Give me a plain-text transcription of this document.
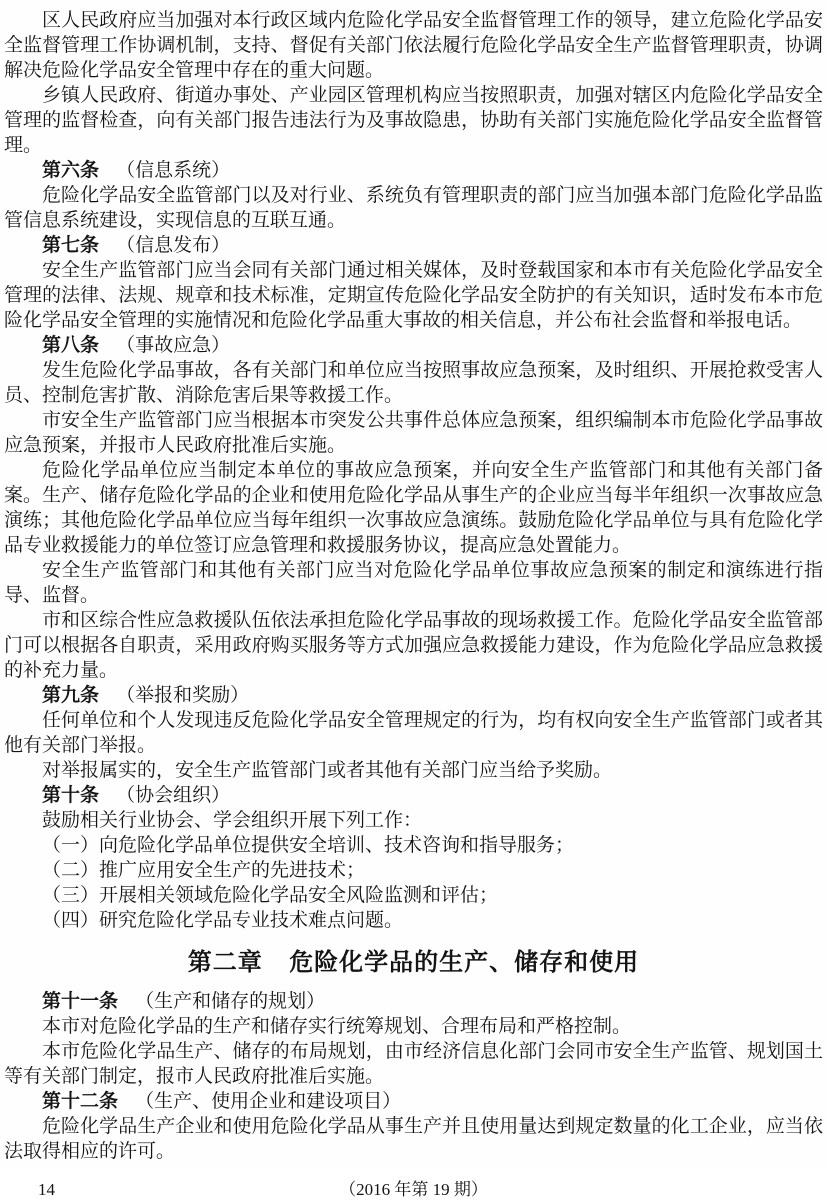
区人民政府应当加强对本行政区域内危险化学品安全监督管理工作的领导，建立危险化学品安全监督管理工作协调机制，支持、督促有关部门依法履行危险化学品安全生产监督管理职责，协调解决危险化学品安全管理中存在的重大问题。

乡镇人民政府、街道办事处、产业园区管理机构应当按照职责，加强对辖区内危险化学品安全管理的监督检查，向有关部门报告违法行为及事故隐患，协助有关部门实施危险化学品安全监督管理。

第六条 （信息系统）

危险化学品安全监管部门以及对行业、系统负有管理职责的部门应当加强本部门危险化学品监管信息系统建设，实现信息的互联互通。

第七条 （信息发布）

安全生产监管部门应当会同有关部门通过相关媒体，及时登载国家和本市有关危险化学品安全管理的法律、法规、规章和技术标准，定期宣传危险化学品安全防护的有关知识，适时发布本市危险化学品安全管理的实施情况和危险化学品重大事故的相关信息，并公布社会监督和举报电话。

第八条 （事故应急）

发生危险化学品事故，各有关部门和单位应当按照事故应急预案，及时组织、开展抢救受害人员、控制危害扩散、消除危害后果等救援工作。

市安全生产监管部门应当根据本市突发公共事件总体应急预案，组织编制本市危险化学品事故应急预案，并报市人民政府批准后实施。

危险化学品单位应当制定本单位的事故应急预案，并向安全生产监管部门和其他有关部门备案。生产、储存危险化学品的企业和使用危险化学品从事生产的企业应当每半年组织一次事故应急演练；其他危险化学品单位应当每年组织一次事故应急演练。鼓励危险化学品单位与具有危险化学品专业救援能力的单位签订应急管理和救援服务协议，提高应急处置能力。

安全生产监管部门和其他有关部门应当对危险化学品单位事故应急预案的制定和演练进行指导、监督。

市和区综合性应急救援队伍依法承担危险化学品事故的现场救援工作。危险化学品安全监管部门可以根据各自职责，采用政府购买服务等方式加强应急救援能力建设，作为危险化学品应急救援的补充力量。

第九条 （举报和奖励）

任何单位和个人发现违反危险化学品安全管理规定的行为，均有权向安全生产监管部门或者其他有关部门举报。

对举报属实的，安全生产监管部门或者其他有关部门应当给予奖励。

第十条 （协会组织）

鼓励相关行业协会、学会组织开展下列工作：

（一）向危险化学品单位提供安全培训、技术咨询和指导服务；

（二）推广应用安全生产的先进技术；

（三）开展相关领域危险化学品安全风险监测和评估；

（四）研究危险化学品专业技术难点问题。

第二章 危险化学品的生产、储存和使用

第十一条 （生产和储存的规划）

本市对危险化学品的生产和储存实行统筹规划、合理布局和严格控制。

本市危险化学品生产、储存的布局规划，由市经济信息化部门会同市安全生产监管、规划国土等有关部门制定，报市人民政府批准后实施。

第十二条 （生产、使用企业和建设项目）

危险化学品生产企业和使用危险化学品从事生产并且使用量达到规定数量的化工企业，应当依法取得相应的许可。

14	（2016 年第 19 期）
